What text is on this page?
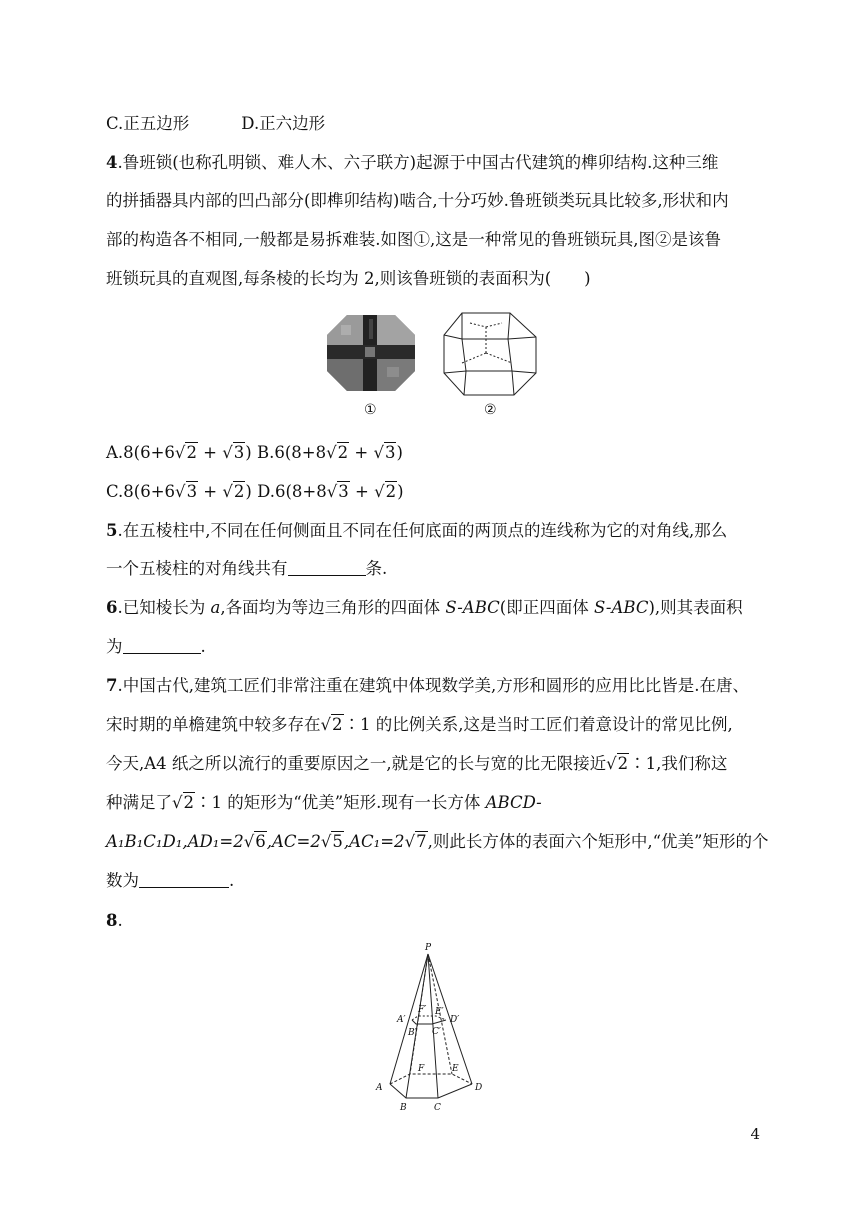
C.正五边形	D.正六边形
4.鲁班锁(也称孔明锁、难人木、六子联方)起源于中国古代建筑的榫卯结构.这种三维
的拼插器具内部的凹凸部分(即榫卯结构)啮合,十分巧妙.鲁班锁类玩具比较多,形状和内
部的构造各不相同,一般都是易拆难装.如图①,这是一种常见的鲁班锁玩具,图②是该鲁
班锁玩具的直观图,每条棱的长均为 2,则该鲁班锁的表面积为(　　)
①	②
A.8(6+6√2 + √3) B.6(8+8√2 + √3)
C.8(6+6√3 + √2) D.6(8+8√3 + √2)
5.在五棱柱中,不同在任何侧面且不同在任何底面的两顶点的连线称为它的对角线,那么
一个五棱柱的对角线共有	条.
6.已知棱长为 a,各面均为等边三角形的四面体 S-ABC(即正四面体 S-ABC),则其表面积
为	.
7.中国古代,建筑工匠们非常注重在建筑中体现数学美,方形和圆形的应用比比皆是.在唐、
宋时期的单檐建筑中较多存在√2∶1 的比例关系,这是当时工匠们着意设计的常见比例,
今天,A4 纸之所以流行的重要原因之一,就是它的长与宽的比无限接近√2∶1,我们称这
种满足了√2∶1 的矩形为“优美”矩形.现有一长方体 ABCD-
A₁B₁C₁D₁,AD₁=2√6,AC=2√5,AC₁=2√7,则此长方体的表面六个矩形中,“优美”矩形的个
数为	.
8.
P
A′
B′ C′
D′
E′
F′
A
B	C
D
E
F
4
